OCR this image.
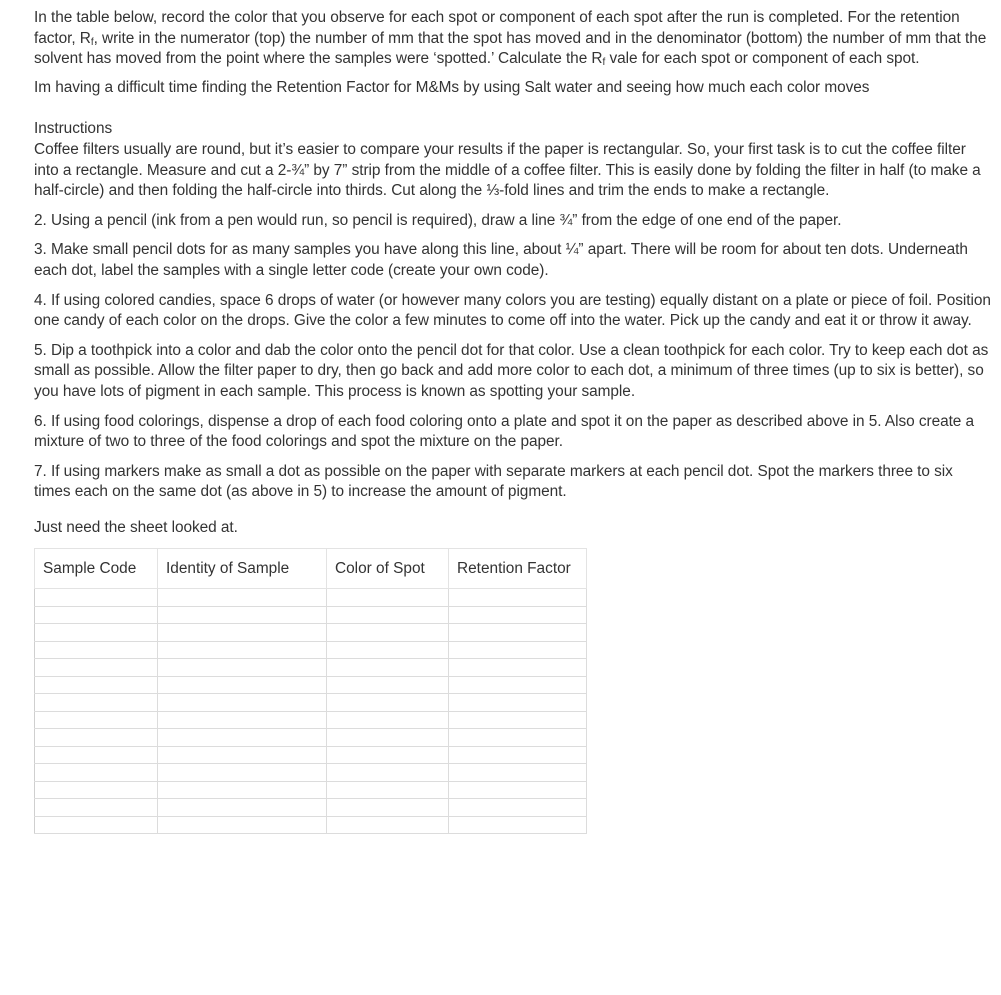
In the table below, record the color that you observe for each spot or component of each spot after the run is completed. For the retention factor, $R_f$, write in the numerator (top) the number of mm that the spot has moved and in the denominator (bottom) the number of mm that the solvent has moved from the point where the samples were ‘spotted.’ Calculate the $R_f$ vale for each spot or component of each spot.

Im having a difficult time finding the Retention Factor for M&Ms by using Salt water and seeing how much each color moves

Instructions

Coffee filters usually are round, but it’s easier to compare your results if the paper is rectangular. So, your first task is to cut the coffee filter into a rectangle. Measure and cut a 2-¾” by 7” strip from the middle of a coffee filter. This is easily done by folding the filter in half (to make a half-circle) and then folding the half-circle into thirds. Cut along the ⅓-fold lines and trim the ends to make a rectangle.

2. Using a pencil (ink from a pen would run, so pencil is required), draw a line ¾” from the edge of one end of the paper.

3. Make small pencil dots for as many samples you have along this line, about ¼” apart. There will be room for about ten dots. Underneath each dot, label the samples with a single letter code (create your own code).

4. If using colored candies, space 6 drops of water (or however many colors you are testing) equally distant on a plate or piece of foil. Position one candy of each color on the drops. Give the color a few minutes to come off into the water. Pick up the candy and eat it or throw it away.

5. Dip a toothpick into a color and dab the color onto the pencil dot for that color. Use a clean toothpick for each color. Try to keep each dot as small as possible. Allow the filter paper to dry, then go back and add more color to each dot, a minimum of three times (up to six is better), so you have lots of pigment in each sample. This process is known as spotting your sample.

6. If using food colorings, dispense a drop of each food coloring onto a plate and spot it on the paper as described above in 5. Also create a mixture of two to three of the food colorings and spot the mixture on the paper.

7. If using markers make as small a dot as possible on the paper with separate markers at each pencil dot. Spot the markers three to six times each on the same dot (as above in 5) to increase the amount of pigment.

Just need the sheet looked at.

Sample Code	Identity of Sample	Color of Spot	Retention Factor
